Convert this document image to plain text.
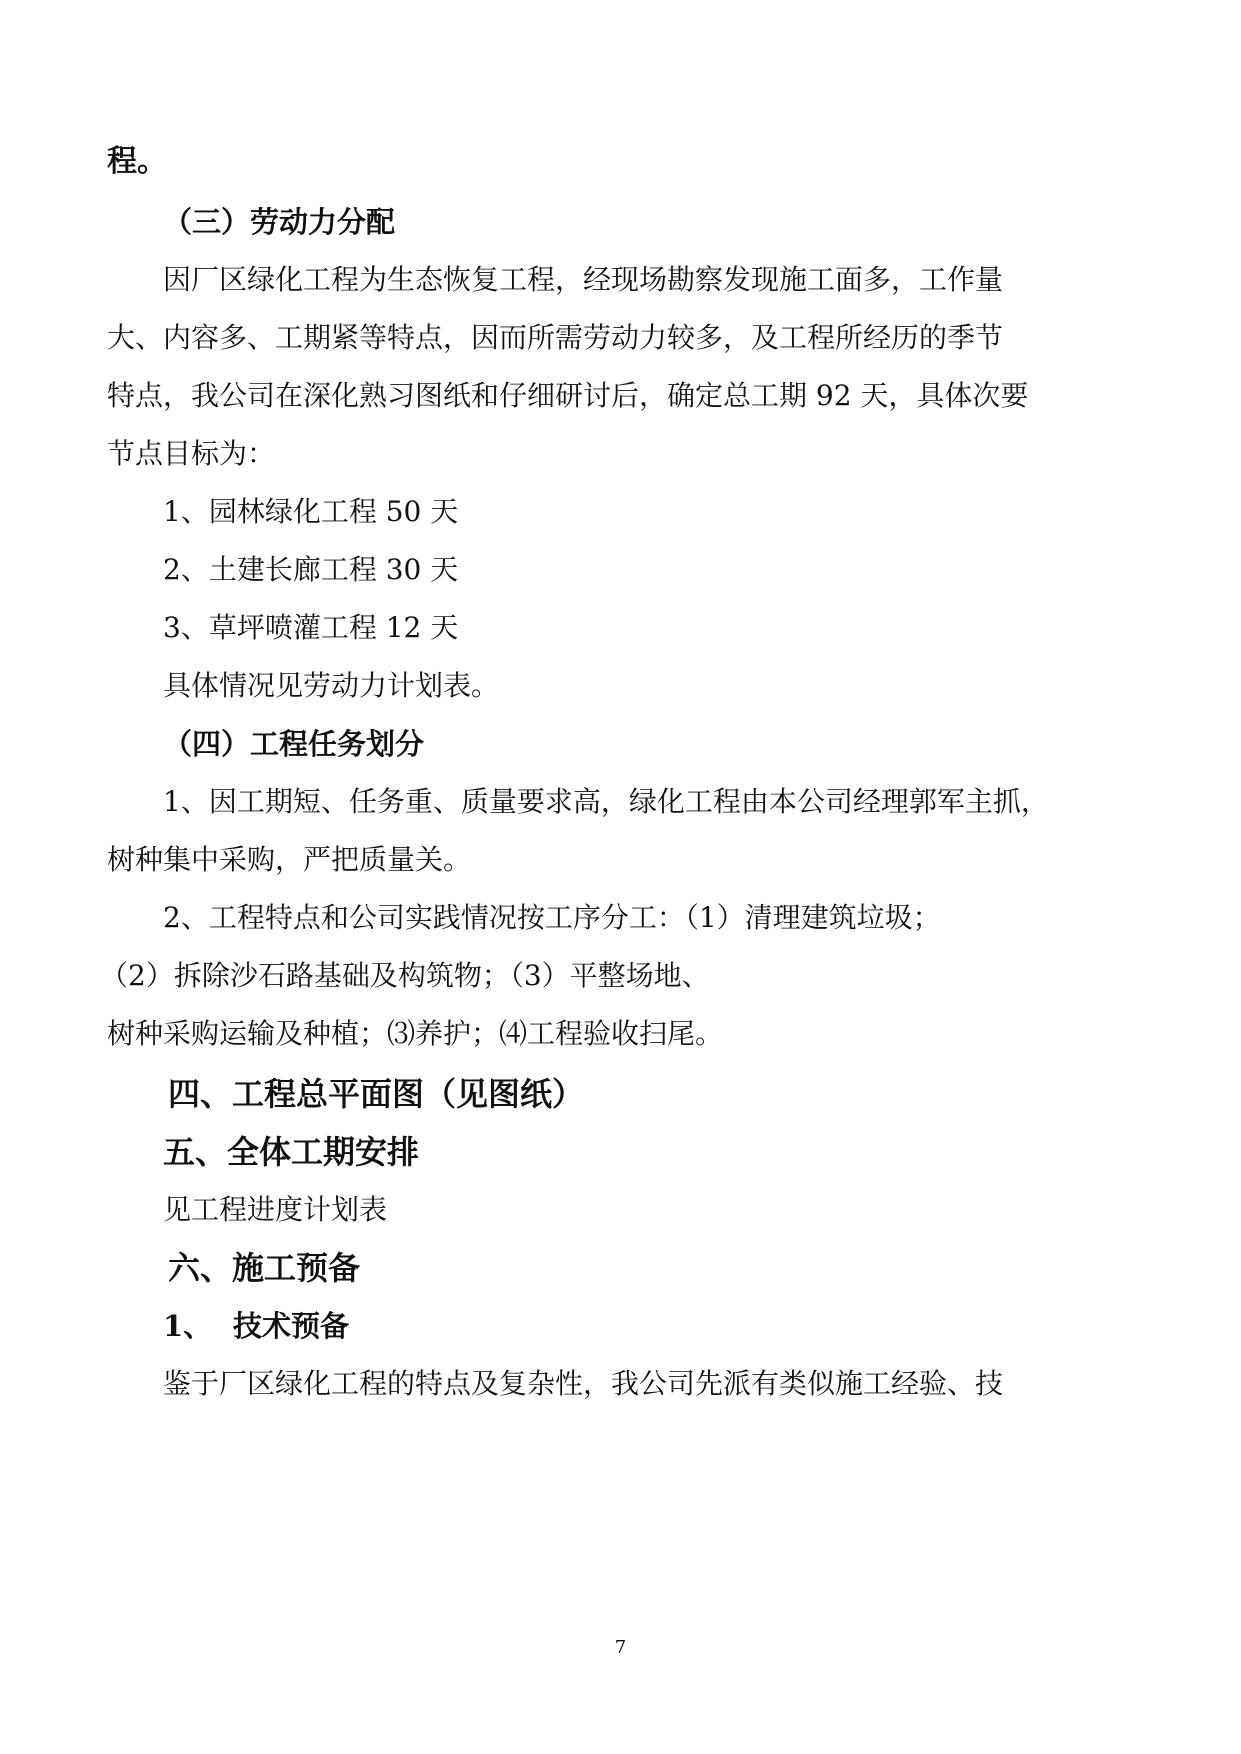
程。
（三）劳动力分配
因厂区绿化工程为生态恢复工程，经现场勘察发现施工面多，工作量
大、内容多、工期紧等特点，因而所需劳动力较多，及工程所经历的季节
特点，我公司在深化熟习图纸和仔细研讨后，确定总工期 92 天，具体次要
节点目标为：
1、园林绿化工程 50 天
2、土建长廊工程 30 天
3、草坪喷灌工程 12 天
具体情况见劳动力计划表。
（四）工程任务划分
1、因工期短、任务重、质量要求高，绿化工程由本公司经理郭军主抓，
树种集中采购，严把质量关。
2、工程特点和公司实践情况按工序分工：（1）清理建筑垃圾；
（2）拆除沙石路基础及构筑物；（3）平整场地、
树种采购运输及种植；⑶养护；⑷工程验收扫尾。
四、工程总平面图（见图纸）
五、全体工期安排
见工程进度计划表
六、施工预备
1、 技术预备
鉴于厂区绿化工程的特点及复杂性，我公司先派有类似施工经验、技
7
